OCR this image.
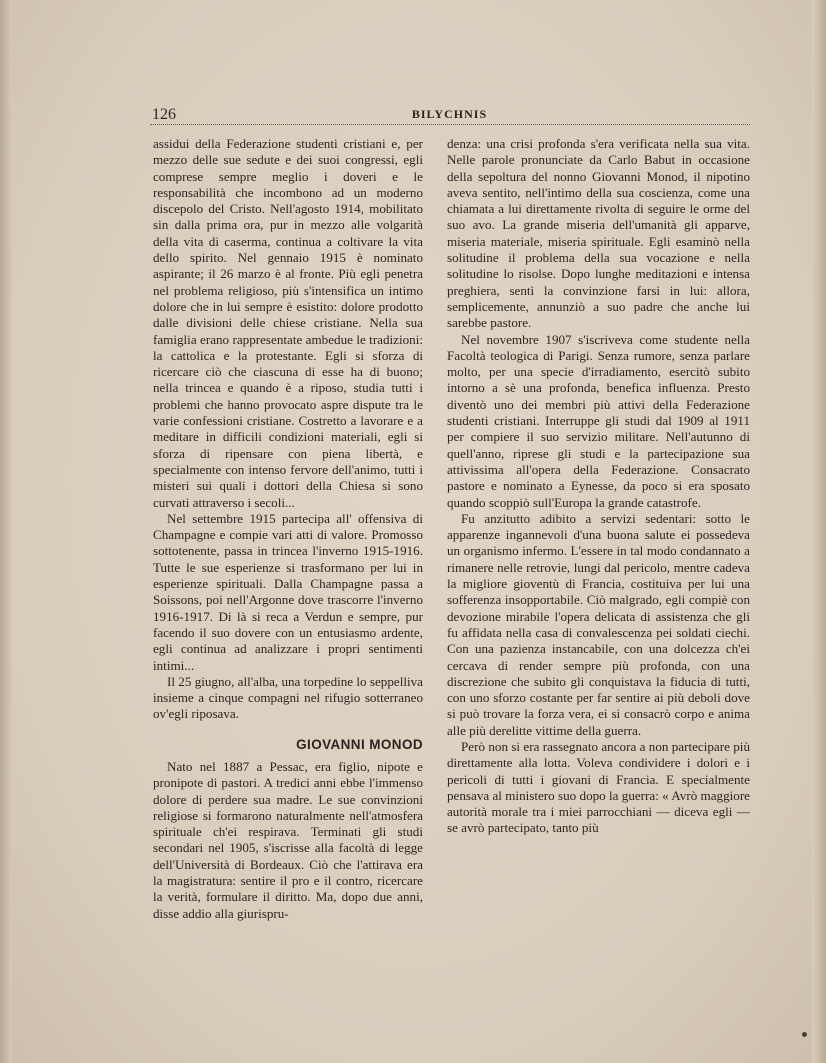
126	BILYCHNIS

assidui della Federazione studenti cristiani e, per mezzo delle sue sedute e dei suoi congressi, egli comprese sempre meglio i doveri e le responsabilità che incombono ad un moderno discepolo del Cristo. Nell'agosto 1914, mobilitato sin dalla prima ora, pur in mezzo alle volgarità della vita di caserma, continua a coltivare la vita dello spirito. Nel gennaio 1915 è nominato aspirante; il 26 marzo è al fronte. Più egli penetra nel problema religioso, più s'intensifica un intimo dolore che in lui sempre è esistito: dolore prodotto dalle divisioni delle chiese cristiane. Nella sua famiglia erano rappresentate ambedue le tradizioni: la cattolica e la protestante. Egli si sforza di ricercare ciò che ciascuna di esse ha di buono; nella trincea e quando è a riposo, studia tutti i problemi che hanno provocato aspre dispute tra le varie confessioni cristiane. Costretto a lavorare e a meditare in difficili condizioni materiali, egli si sforza di ripensare con piena libertà, e specialmente con intenso fervore dell'animo, tutti i misteri sui quali i dottori della Chiesa si sono curvati attraverso i secoli...

Nel settembre 1915 partecipa all' offensiva di Champagne e compie vari atti di valore. Promosso sottotenente, passa in trincea l'inverno 1915-1916. Tutte le sue esperienze si trasformano per lui in esperienze spirituali. Dalla Champagne passa a Soissons, poi nell'Argonne dove trascorre l'inverno 1916-1917. Di là si reca a Verdun e sempre, pur facendo il suo dovere con un entusiasmo ardente, egli continua ad analizzare i propri sentimenti intimi...

Il 25 giugno, all'alba, una torpedine lo seppelliva insieme a cinque compagni nel rifugio sotterraneo ov'egli riposava.

GIOVANNI MONOD

Nato nel 1887 a Pessac, era figlio, nipote e pronipote di pastori. A tredici anni ebbe l'immenso dolore di perdere sua madre. Le sue convinzioni religiose si formarono naturalmente nell'atmosfera spirituale ch'ei respirava. Terminati gli studi secondari nel 1905, s'iscrisse alla facoltà di legge dell'Università di Bordeaux. Ciò che l'attirava era la magistratura: sentire il pro e il contro, ricercare la verità, formulare il diritto. Ma, dopo due anni, disse addio alla giurispru-

denza: una crisi profonda s'era verificata nella sua vita. Nelle parole pronunciate da Carlo Babut in occasione della sepoltura del nonno Giovanni Monod, il nipotino aveva sentito, nell'intimo della sua coscienza, come una chiamata a lui direttamente rivolta di seguire le orme del suo avo. La grande miseria dell'umanità gli apparve, miseria materiale, miseria spirituale. Egli esaminò nella solitudine il problema della sua vocazione e nella solitudine lo risolse. Dopo lunghe meditazioni e intensa preghiera, sentì la convinzione farsi in lui: allora, semplicemente, annunziò a suo padre che anche lui sarebbe pastore.

Nel novembre 1907 s'iscriveva come studente nella Facoltà teologica di Parigi. Senza rumore, senza parlare molto, per una specie d'irradiamento, esercitò subito intorno a sè una profonda, benefica influenza. Presto diventò uno dei membri più attivi della Federazione studenti cristiani. Interruppe gli studi dal 1909 al 1911 per compiere il suo servizio militare. Nell'autunno di quell'anno, riprese gli studi e la partecipazione sua attivissima all'opera della Federazione. Consacrato pastore e nominato a Eynesse, da poco si era sposato quando scoppiò sull'Europa la grande catastrofe.

Fu anzitutto adibito a servizi sedentari: sotto le apparenze ingannevoli d'una buona salute ei possedeva un organismo infermo. L'essere in tal modo condannato a rimanere nelle retrovie, lungi dal pericolo, mentre cadeva la migliore gioventù di Francia, costituiva per lui una sofferenza insopportabile. Ciò malgrado, egli compiè con devozione mirabile l'opera delicata di assistenza che gli fu affidata nella casa di convalescenza pei soldati ciechi. Con una pazienza instancabile, con una dolcezza ch'ei cercava di render sempre più profonda, con una discrezione che subito gli conquistava la fiducia di tutti, con uno sforzo costante per far sentire ai più deboli dove si può trovare la forza vera, ei si consacrò corpo e anima alle più derelitte vittime della guerra.

Però non si era rassegnato ancora a non partecipare più direttamente alla lotta. Voleva condividere i dolori e i pericoli di tutti i giovani di Francia. E specialmente pensava al ministero suo dopo la guerra: « Avrò maggiore autorità morale tra i miei parrocchiani — diceva egli — se avrò partecipato, tanto più
